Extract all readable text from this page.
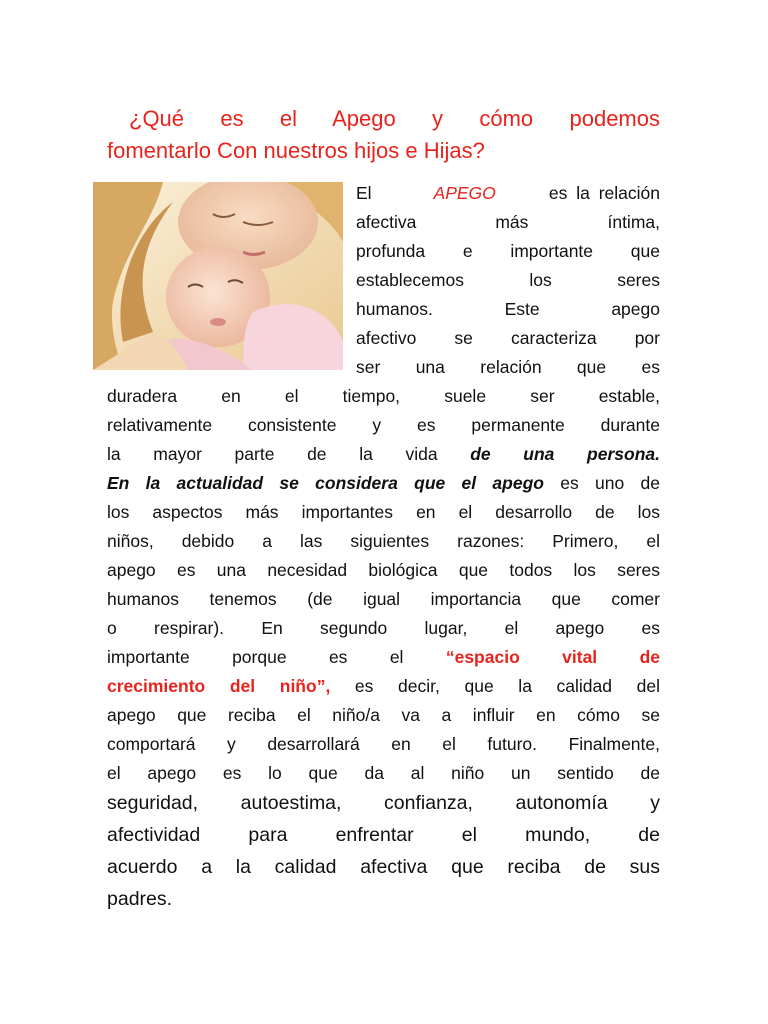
¿Qué es el Apego y cómo podemos
fomentarlo Con nuestros hijos e Hijas?
El	APEGO	es la relación
afectiva más íntima,
profunda e importante que
establecemos los seres
humanos. Este apego
afectivo se caracteriza por
ser una relación que es
duradera en el tiempo, suele ser estable,
relativamente consistente y es permanente durante
la mayor parte de la vida de una persona.
En la actualidad se considera que el apego es uno de
los aspectos más importantes en el desarrollo de los
niños, debido a las siguientes razones: Primero, el
apego es una necesidad biológica que todos los seres
humanos tenemos (de igual importancia que comer
o respirar). En segundo lugar, el apego es
importante porque es el “espacio vital de
crecimiento del niño”, es decir, que la calidad del
apego que reciba el niño/a va a influir en cómo se
comportará y desarrollará en el futuro. Finalmente,
el apego es lo que da al niño un sentido de
seguridad, autoestima, confianza, autonomía y
afectividad para enfrentar el mundo, de
acuerdo a la calidad afectiva que reciba de sus
padres.
